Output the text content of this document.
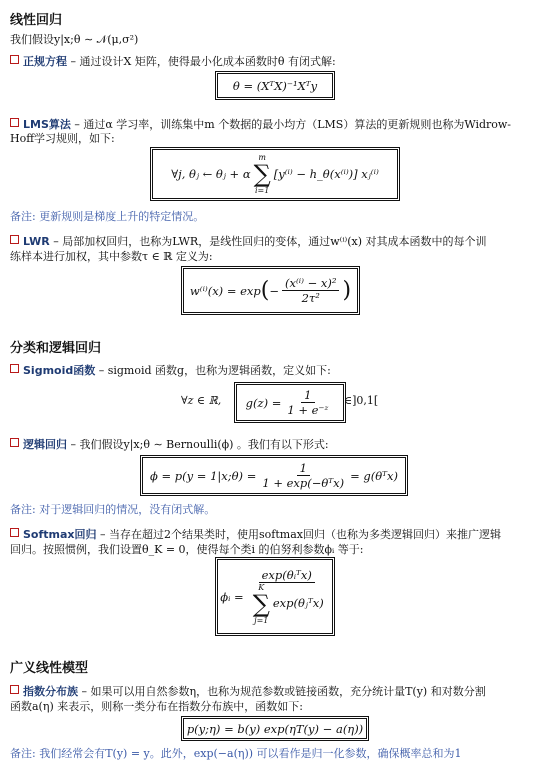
线性回归
我们假设y|x;θ ∼ 𝒩(μ,σ²)
正规方程 – 通过设计X 矩阵，使得最小化成本函数时θ 有闭式解:
θ = (XᵀX)⁻¹Xᵀy
LMS算法 – 通过α 学习率，训练集中m 个数据的最小均方（LMS）算法的更新规则也称为Widrow-
Hoff学习规则，如下:
∀j, θⱼ ← θⱼ + α
m
∑
i=1
[y⁽ⁱ⁾ − h_θ(x⁽ⁱ⁾)] xⱼ⁽ⁱ⁾
备注: 更新规则是梯度上升的特定情况。
LWR – 局部加权回归，也称为LWR，是线性回归的变体，通过w⁽ⁱ⁾(x) 对其成本函数中的每个训
练样本进行加权，其中参数τ ∈ ℝ 定义为:
w⁽ⁱ⁾(x) = exp ( − $\frac{\text{(x⁽ⁱ⁾ − x)²}}{\text{2τ²}}$ )
分类和逻辑回归
Sigmoid函数 – sigmoid 函数g，也称为逻辑函数，定义如下:
∀z ∈ ℝ, $g(z) = \frac{1}{\text{1 + e⁻ᶻ}}$ ∈]0,1[
逻辑回归 – 我们假设y|x;θ ∼ Bernoulli(ϕ) 。我们有以下形式:
ϕ = p(y = 1|x;θ) = $\frac{1}{\text{1 + exp(−θᵀx)}}$ = g(θᵀx)
备注: 对于逻辑回归的情况，没有闭式解。
Softmax回归 – 当存在超过2个结果类时，使用softmax回归（也称为多类逻辑回归）来推广逻辑
回归。按照惯例，我们设置θ_K = 0，使得每个类i 的伯努利参数ϕᵢ 等于:
ϕᵢ = exp(θᵢᵀx)
K
∑
j=1
exp(θⱼᵀx)
广义线性模型
指数分布族 – 如果可以用自然参数η，也称为规范参数或链接函数，充分统计量T(y) 和对数分割
函数a(η) 来表示，则称一类分布在指数分布族中，函数如下:
p(y;η) = b(y) exp(ηT(y) − a(η))
备注: 我们经常会有T(y) = y。此外，exp(−a(η)) 可以看作是归一化参数，确保概率总和为1
